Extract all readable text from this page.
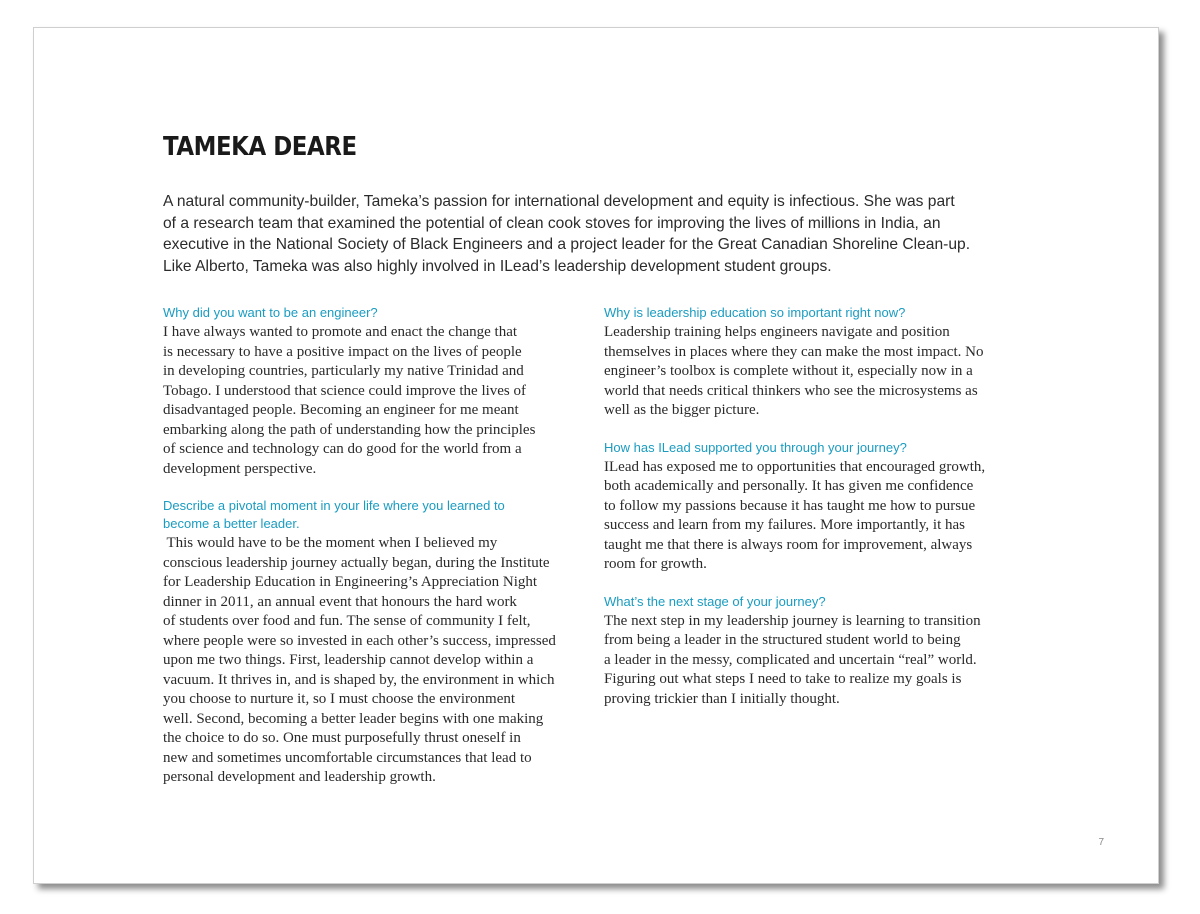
TAMEKA DEARE

A natural community-builder, Tameka’s passion for international development and equity is infectious. She was part
of a research team that examined the potential of clean cook stoves for improving the lives of millions in India, an
executive in the National Society of Black Engineers and a project leader for the Great Canadian Shoreline Clean-up.
Like Alberto, Tameka was also highly involved in ILead’s leadership development student groups.

Why did you want to be an engineer?
I have always wanted to promote and enact the change that
is necessary to have a positive impact on the lives of people
in developing countries, particularly my native Trinidad and
Tobago. I understood that science could improve the lives of
disadvantaged people. Becoming an engineer for me meant
embarking along the path of understanding how the principles
of science and technology can do good for the world from a
development perspective.
Describe a pivotal moment in your life where you learned to
become a better leader.
This would have to be the moment when I believed my
conscious leadership journey actually began, during the Institute
for Leadership Education in Engineering’s Appreciation Night
dinner in 2011, an annual event that honours the hard work
of students over food and fun. The sense of community I felt,
where people were so invested in each other’s success, impressed
upon me two things. First, leadership cannot develop within a
vacuum. It thrives in, and is shaped by, the environment in which
you choose to nurture it, so I must choose the environment
well. Second, becoming a better leader begins with one making
the choice to do so. One must purposefully thrust oneself in
new and sometimes uncomfortable circumstances that lead to
personal development and leadership growth.
Why is leadership education so important right now?
Leadership training helps engineers navigate and position
themselves in places where they can make the most impact. No
engineer’s toolbox is complete without it, especially now in a
world that needs critical thinkers who see the microsystems as
well as the bigger picture.
How has ILead supported you through your journey?
ILead has exposed me to opportunities that encouraged growth,
both academically and personally. It has given me confidence
to follow my passions because it has taught me how to pursue
success and learn from my failures. More importantly, it has
taught me that there is always room for improvement, always
room for growth.
What’s the next stage of your journey?
The next step in my leadership journey is learning to transition
from being a leader in the structured student world to being
a leader in the messy, complicated and uncertain “real” world.
Figuring out what steps I need to take to realize my goals is
proving trickier than I initially thought.
7
